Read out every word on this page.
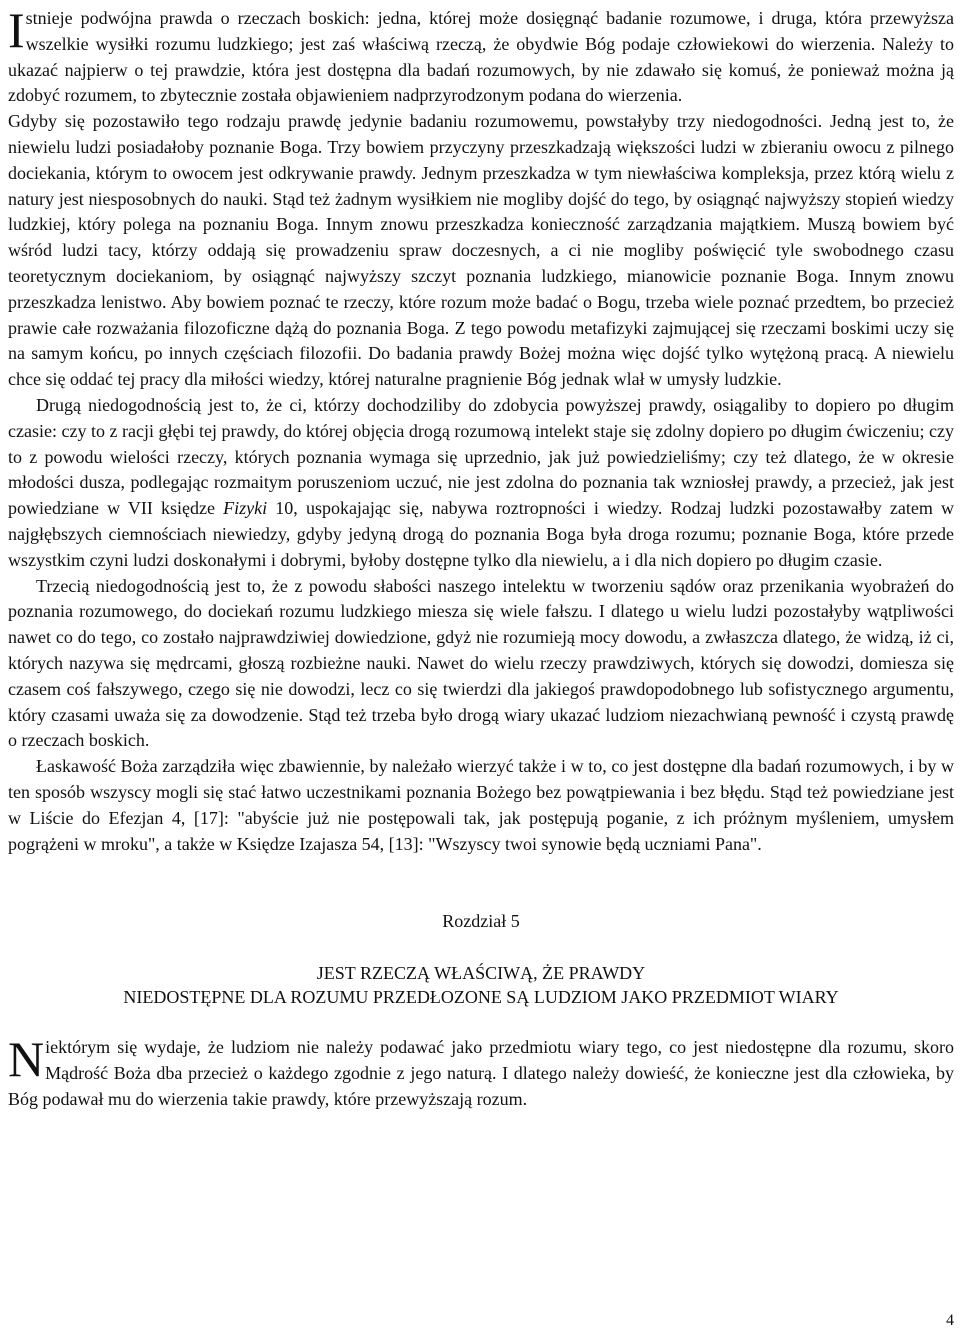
Istnieje podwójna prawda o rzeczach boskich: jedna, której może dosięgnąć badanie rozumowe, i druga, która przewyższa wszelkie wysiłki rozumu ludzkiego; jest zaś właściwą rzeczą, że obydwie Bóg podaje człowiekowi do wierzenia. Należy to ukazać najpierw o tej prawdzie, która jest dostępna dla badań rozumowych, by nie zdawało się komuś, że ponieważ można ją zdobyć rozumem, to zbytecznie została objawieniem nadprzyrodzonym podana do wierzenia.

Gdyby się pozostawiło tego rodzaju prawdę jedynie badaniu rozumowemu, powstałyby trzy niedogodności. Jedną jest to, że niewielu ludzi posiadałoby poznanie Boga. Trzy bowiem przyczyny przeszkadzają większości ludzi w zbieraniu owocu z pilnego dociekania, którym to owocem jest odkrywanie prawdy. Jednym przeszkadza w tym niewłaściwa kompleksja, przez którą wielu z natury jest niesposobnych do nauki. Stąd też żadnym wysiłkiem nie mogliby dojść do tego, by osiągnąć najwyższy stopień wiedzy ludzkiej, który polega na poznaniu Boga. Innym znowu przeszkadza konieczność zarządzania majątkiem. Muszą bowiem być wśród ludzi tacy, którzy oddają się prowadzeniu spraw doczesnych, a ci nie mogliby poświęcić tyle swobodnego czasu teoretycznym dociekaniom, by osiągnąć najwyższy szczyt poznania ludzkiego, mianowicie poznanie Boga. Innym znowu przeszkadza lenistwo. Aby bowiem poznać te rzeczy, które rozum może badać o Bogu, trzeba wiele poznać przedtem, bo przecież prawie całe rozważania filozoficzne dążą do poznania Boga. Z tego powodu metafizyki zajmującej się rzeczami boskimi uczy się na samym końcu, po innych częściach filozofii. Do badania prawdy Bożej można więc dojść tylko wytężoną pracą. A niewielu chce się oddać tej pracy dla miłości wiedzy, której naturalne pragnienie Bóg jednak wlał w umysły ludzkie.

Drugą niedogodnością jest to, że ci, którzy dochodziliby do zdobycia powyższej prawdy, osiągaliby to dopiero po długim czasie: czy to z racji głębi tej prawdy, do której objęcia drogą rozumową intelekt staje się zdolny dopiero po długim ćwiczeniu; czy to z powodu wielości rzeczy, których poznania wymaga się uprzednio, jak już powiedzieliśmy; czy też dlatego, że w okresie młodości dusza, podlegając rozmaitym poruszeniom uczuć, nie jest zdolna do poznania tak wzniosłej prawdy, a przecież, jak jest powiedziane w VII księdze Fizyki 10, uspokajając się, nabywa roztropności i wiedzy. Rodzaj ludzki pozostawałby zatem w najgłębszych ciemnościach niewiedzy, gdyby jedyną drogą do poznania Boga była droga rozumu; poznanie Boga, które przede wszystkim czyni ludzi doskonałymi i dobrymi, byłoby dostępne tylko dla niewielu, a i dla nich dopiero po długim czasie.

Trzecią niedogodnością jest to, że z powodu słabości naszego intelektu w tworzeniu sądów oraz przenikania wyobrażeń do poznania rozumowego, do dociekań rozumu ludzkiego miesza się wiele fałszu. I dlatego u wielu ludzi pozostałyby wątpliwości nawet co do tego, co zostało najprawdziwiej dowiedzione, gdyż nie rozumieją mocy dowodu, a zwłaszcza dlatego, że widzą, iż ci, których nazywa się mędrcami, głoszą rozbieżne nauki. Nawet do wielu rzeczy prawdziwych, których się dowodzi, domiesza się czasem coś fałszywego, czego się nie dowodzi, lecz co się twierdzi dla jakiegoś prawdopodobnego lub sofistycznego argumentu, który czasami uważa się za dowodzenie. Stąd też trzeba było drogą wiary ukazać ludziom niezachwianą pewność i czystą prawdę o rzeczach boskich.

Łaskawość Boża zarządziła więc zbawiennie, by należało wierzyć także i w to, co jest dostępne dla badań rozumowych, i by w ten sposób wszyscy mogli się stać łatwo uczestnikami poznania Bożego bez powątpiewania i bez błędu. Stąd też powiedziane jest w Liście do Efezjan 4, [17]: "abyście już nie postępowali tak, jak postępują poganie, z ich próżnym myśleniem, umysłem pogrążeni w mroku", a także w Księdze Izajasza 54, [13]: "Wszyscy twoi synowie będą uczniami Pana".

Rozdział 5
JEST RZECZĄ WŁAŚCIWĄ, ŻE PRAWDY
NIEDOSTĘPNE DLA ROZUMU PRZEDŁOZONE SĄ LUDZIOM JAKO PRZEDMIOT WIARY

Niektórym się wydaje, że ludziom nie należy podawać jako przedmiotu wiary tego, co jest niedostępne dla rozumu, skoro Mądrość Boża dba przecież o każdego zgodnie z jego naturą. I dlatego należy dowieść, że konieczne jest dla człowieka, by Bóg podawał mu do wierzenia takie prawdy, które przewyższają rozum.

4
